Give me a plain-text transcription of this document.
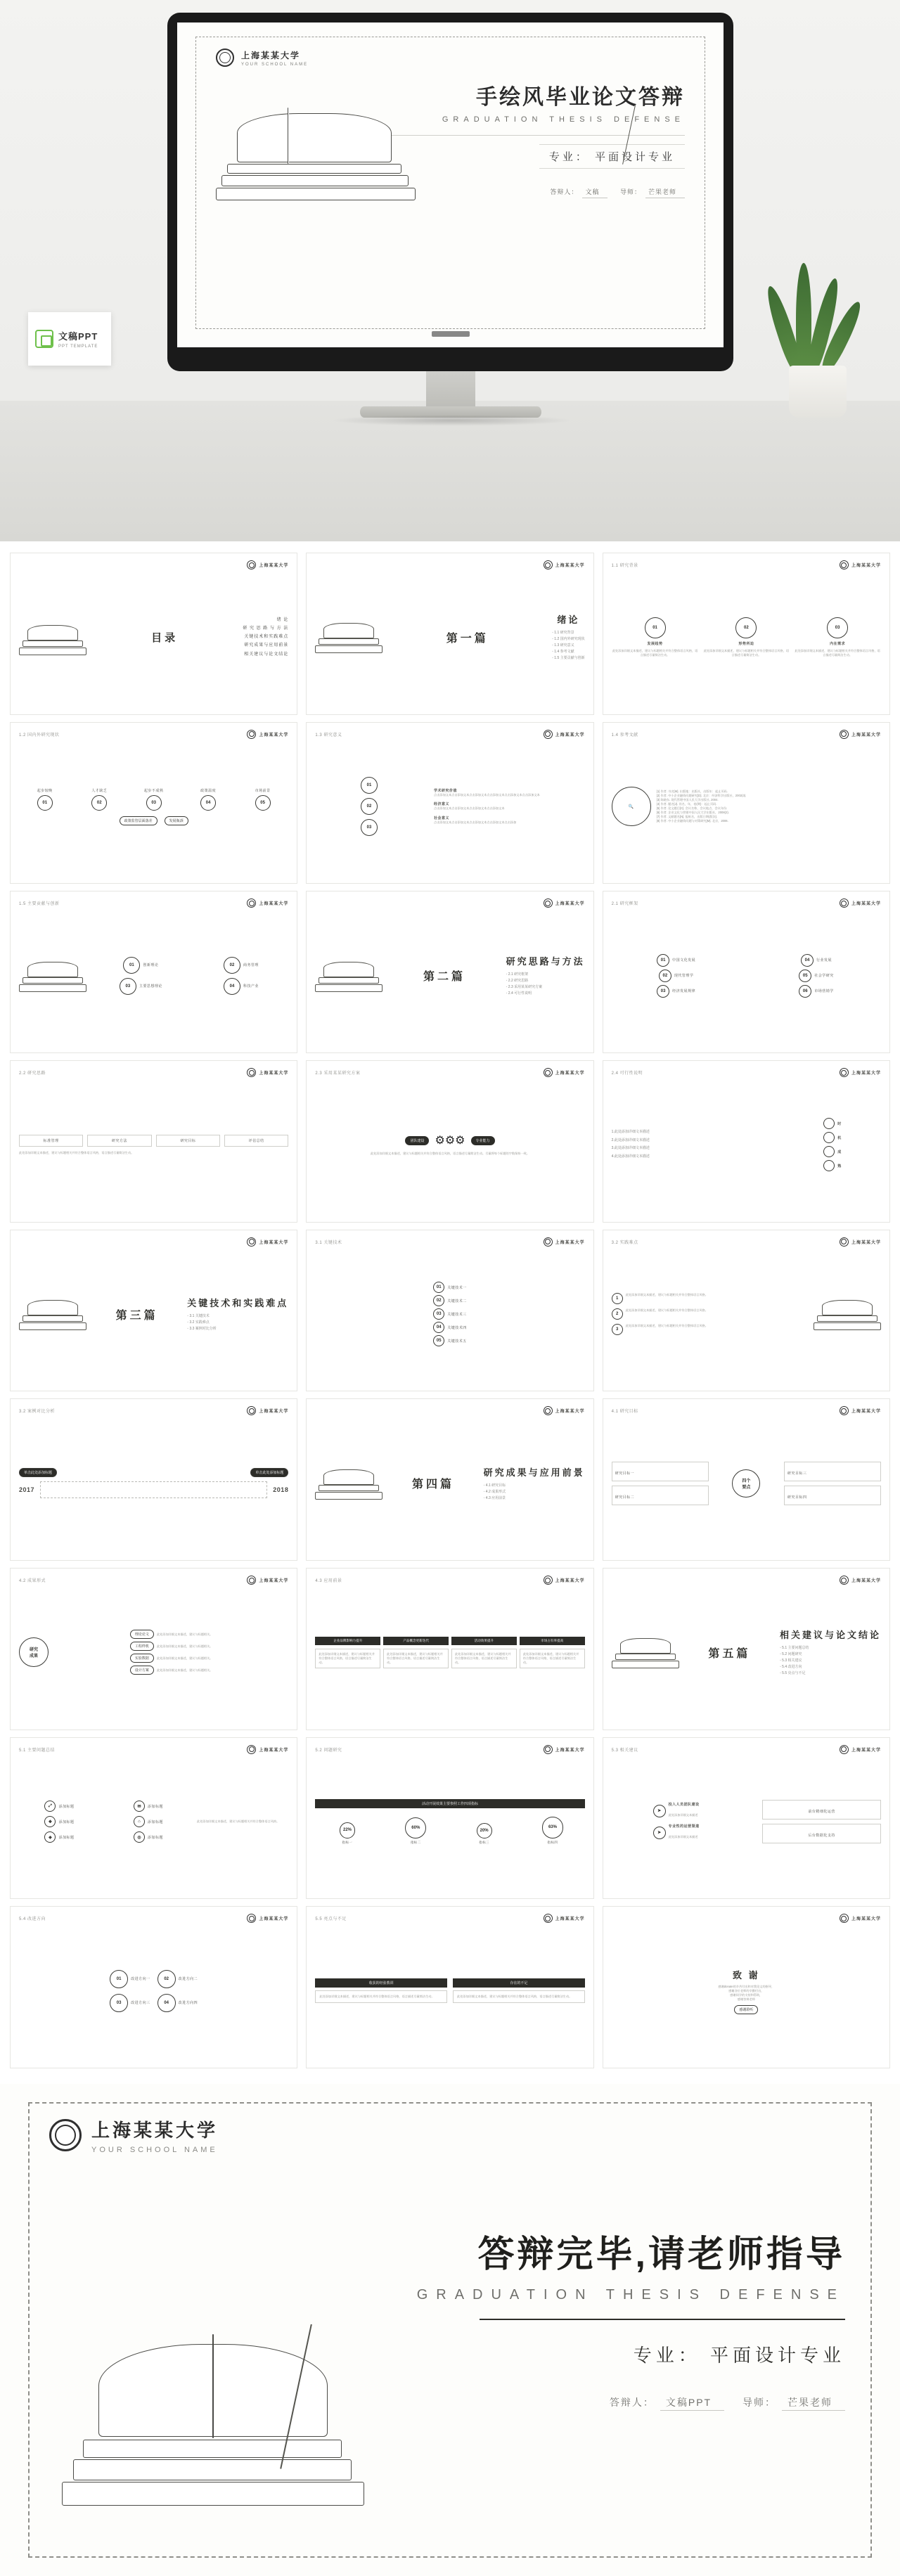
上海某某大学
YOUR SCHOOL NAME
手绘风毕业论文答辩
GRADUATION THESIS DEFENSE
专业： 平面设计专业
答辩人： 文稿	导师： 芒果老师
文稿PPT
PPT TEMPLATE
上海某某大学
目录
绪 论
研 究 思 路 与 方 法
关键技术和实践难点
研究成果与应用前景
相关建议与论文结论
上海某某大学
第一篇
绪论
◦ 1.1 研究背景
◦ 1.2 国内外研究现状
◦ 1.3 研究意义
◦ 1.4 参考文献
◦ 1.5 主要贡献与创新
1.1 研究背景	上海某某大学
01
发展趋势
此处添加详细文本描述，建议与标题相关并符合整体语言风格，语言描述尽量简洁生动。
02
形势所迫
此处添加详细文本描述，建议与标题相关并符合整体语言风格，语言描述尽量简洁生动。
03
内在需求
此处添加详细文本描述，建议与标题相关并符合整体语言风格，语言描述尽量简洁生动。
1.2 国内外研究现状	上海某某大学
起步较晚
01
人才缺乏
02
起步不成熟
03
政策温度
04
市场前景
05
政策监管层面落差	发展瓶颈
1.3 研究意义	上海某某大学
01
02
03
学术研究价值
点击添加文本点击添加文本点击添加文本点击添加文本点击添加文本点击添加文本
经济意义
点击添加文本点击添加文本点击添加文本点击添加文本
社会意义
点击添加文本点击添加文本点击添加文本点击添加文本点击添加
1.4 参考文献	上海某某大学
🔍
[1] 作者. 书名[M]. 出版地：出版社，出版年：起止页码.
[2] 作者. 中小企业融资问题研究[D]. 北京：经济科学出版社，2002(3).
[3] 陈晓东. 现代管理中国人民大学出版社, 2004.
[4] 作者. 题名[J]. 刊名，年，卷(期)：起止页码.
[5] 作者. 论文题目[C]. 会议名称，会议地点，会议年份.
[6] 作者. 企业文化与营销中国人民大学出版社，2008(2).
[7] 作者. 文献题名[N]. 报纸名，出版日期(版次).
[8] 作者. 中小企业融资问题与对策研究[M]. 北京，2006.
1.5 主要贡献与创新	上海某某大学
01	创新理论	02	商务管理
03	主要思想理论	04	科技产业
上海某某大学
第二篇
研究思路与方法
◦ 2.1 研究框架
◦ 2.2 研究思路
◦ 2.3 采用某某研究方案
◦ 2.4 可行性说明
2.1 研究框架	上海某某大学
01	中国文化发展
02	现代管理学
03	经济发展规律
04	行业发展
05	社会学研究
06	市场营销学
2.2 研究思路	上海某某大学
标准管理	研究方法	研究目标	评估总结
此处添加详细文本描述，建议与标题相关并符合整体语言风格，语言描述尽量简洁生动。
2.3 采用某某研究方案	上海某某大学
团队建设 ⚙⚙⚙	专业能力
此处添加详细文本描述，建议与标题相关并符合整体语言风格，语言描述尽量简洁生动。尽量将每个标题的字数保持一致。
2.4 可行性说明	上海某某大学
1.此处添加详细文本描述
2.此处添加详细文本描述
3.此处添加详细文本描述
4.此处添加详细文本描述
时
机
成
熟
上海某某大学
第三篇
关键技术和实践难点
◦ 3.1 关键技术
◦ 3.2 实践难点
◦ 3.3 案例对比分析
3.1 关键技术	上海某某大学
01	关键技术一
02	关键技术二
03	关键技术三
04	关键技术四
05	关键技术五
3.2 实践难点	上海某某大学
1
此处添加详细文本描述，建议与标题相关并符合整体语言风格。
2
此处添加详细文本描述，建议与标题相关并符合整体语言风格。
3
此处添加详细文本描述，建议与标题相关并符合整体语言风格。
3.2 案例对比分析	上海某某大学
单击此处添加标题	单击此处添加标题
2017	2018
上海某某大学
第四篇
研究成果与应用前景
◦ 4.1 研究目标
◦ 4.2 成果形式
◦ 4.3 应用前景
4.1 研究目标	上海某某大学
研究目标一
研究目标二
四个
要点
研究目标三
研究目标四
4.2 成果形式	上海某某大学
研究
成果
理论论文	此处添加详细文本描述，建议与标题相关。
工程样机	此处添加详细文本描述，建议与标题相关。
实验数据	此处添加详细文本描述，建议与标题相关。
设计方案	此处添加详细文本描述，建议与标题相关。
4.3 应用前景	上海某某大学
企业品牌影响力提升	产品概念更新迭代	活动效果提升	市场占有率提高
此处添加详细文本描述，建议与标题相关并符合整体语言风格，语言描述尽量简洁生动。
此处添加详细文本描述，建议与标题相关并符合整体语言风格，语言描述尽量简洁生动。
此处添加详细文本描述，建议与标题相关并符合整体语言风格，语言描述尽量简洁生动。
此处添加详细文本描述，建议与标题相关并符合整体语言风格，语言描述尽量简洁生动。
上海某某大学
第五篇
相关建议与论文结论
◦ 5.1 主要问题总结
◦ 5.2 问题研究
◦ 5.3 相关建议
◦ 5.4 改进方向
◦ 5.5 亮点与不足
5.1 主要问题总结	上海某某大学
⤢	添加标题
❖	添加标题
◈	添加标题
✉	添加标题
⌂	添加标题
◎	添加标题
此处添加详细文本描述，建议与标题相关并符合整体语言风格。
5.2 问题研究	上海某某大学
活动开展效果主要参照工作四项指标
22%
指标一
60%
指标二
20%
指标三
63%
指标四
5.3 相关建议	上海某某大学
➤
投入人员团队建设
此处添加详细文本描述
➤
专业性的运营渠道
此处添加详细文本描述
前台精细化运营
后台数据化支持
5.4 改进方向	上海某某大学
01	改进方向一	02	改进方向二
03	改进方向三	04	改进方向四
5.5 亮点与不足	上海某某大学
收获的经验教训
此处添加详细文本描述，建议与标题相关并符合整体语言风格，语言描述尽量简洁生动。
存在的不足
此处添加详细文本描述，建议与标题相关并符合整体语言风格，语言描述尽量简洁生动。
上海某某大学
致 谢
感谢donate的辛苦付出和对我论文的指导，
感谢各位老师的辛勤付出，
感谢同学的支持和帮助，
感谢答辩老师
感谢聆听
上海某某大学
YOUR SCHOOL NAME
答辩完毕,请老师指导
GRADUATION THESIS DEFENSE
专业： 平面设计专业
答辩人： 文稿PPT	导师： 芒果老师
